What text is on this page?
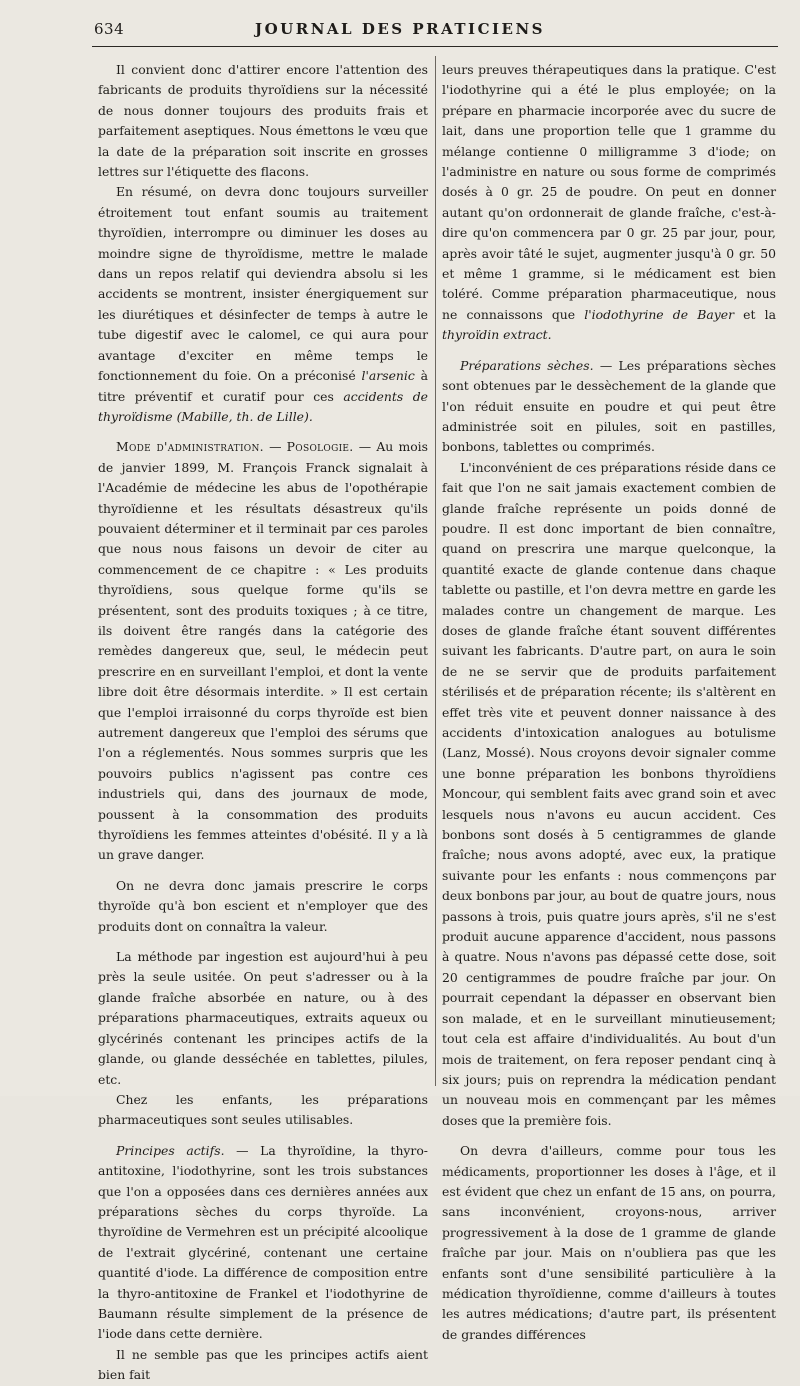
634	JOURNAL DES PRATICIENS

Il convient donc d'attirer encore l'attention des fabricants de produits thyroïdiens sur la nécessité de nous donner toujours des produits frais et parfaitement aseptiques. Nous émettons le vœu que la date de la préparation soit inscrite en grosses lettres sur l'étiquette des flacons.

En résumé, on devra donc toujours surveiller étroitement tout enfant soumis au traitement thyroïdien, interrompre ou diminuer les doses au moindre signe de thyroïdisme, mettre le malade dans un repos relatif qui deviendra absolu si les accidents se montrent, insister énergiquement sur les diurétiques et désinfecter de temps à autre le tube digestif avec le calomel, ce qui aura pour avantage d'exciter en même temps le fonctionnement du foie. On a préconisé l'arsenic à titre préventif et curatif pour ces accidents de thyroïdisme (Mabille, th. de Lille).

Mode d'administration. — Posologie. — Au mois de janvier 1899, M. François Franck signalait à l'Académie de médecine les abus de l'opothérapie thyroïdienne et les résultats désastreux qu'ils pouvaient déterminer et il terminait par ces paroles que nous nous faisons un devoir de citer au commencement de ce chapitre : « Les produits thyroïdiens, sous quelque forme qu'ils se présentent, sont des produits toxiques ; à ce titre, ils doivent être rangés dans la catégorie des remèdes dangereux que, seul, le médecin peut prescrire en en surveillant l'emploi, et dont la vente libre doit être désormais interdite. » Il est certain que l'emploi irraisonné du corps thyroïde est bien autrement dangereux que l'emploi des sérums que l'on a réglementés. Nous sommes surpris que les pouvoirs publics n'agissent pas contre ces industriels qui, dans des journaux de mode, poussent à la consommation des produits thyroïdiens les femmes atteintes d'obésité. Il y a là un grave danger.

On ne devra donc jamais prescrire le corps thyroïde qu'à bon escient et n'employer que des produits dont on connaîtra la valeur.

La méthode par ingestion est aujourd'hui à peu près la seule usitée. On peut s'adresser ou à la glande fraîche absorbée en nature, ou à des préparations pharmaceutiques, extraits aqueux ou glycérinés contenant les principes actifs de la glande, ou glande desséchée en tablettes, pilules, etc.

Chez les enfants, les préparations pharmaceutiques sont seules utilisables.

Principes actifs. — La thyroïdine, la thyro-antitoxine, l'iodothyrine, sont les trois substances que l'on a opposées dans ces dernières années aux préparations sèches du corps thyroïde. La thyroïdine de Vermehren est un précipité alcoolique de l'extrait glycériné, contenant une certaine quantité d'iode. La différence de composition entre la thyro-antitoxine de Frankel et l'iodothyrine de Baumann résulte simplement de la présence de l'iode dans cette dernière.

Il ne semble pas que les principes actifs aient bien fait

leurs preuves thérapeutiques dans la pratique. C'est l'iodothyrine qui a été le plus employée; on la prépare en pharmacie incorporée avec du sucre de lait, dans une proportion telle que 1 gramme du mélange contienne 0 milligramme 3 d'iode; on l'administre en nature ou sous forme de comprimés dosés à 0 gr. 25 de poudre. On peut en donner autant qu'on ordonnerait de glande fraîche, c'est-à-dire qu'on commencera par 0 gr. 25 par jour, pour, après avoir tâté le sujet, augmenter jusqu'à 0 gr. 50 et même 1 gramme, si le médicament est bien toléré. Comme préparation pharmaceutique, nous ne connaissons que l'iodothyrine de Bayer et la thyroïdin extract.

Préparations sèches. — Les préparations sèches sont obtenues par le dessèchement de la glande que l'on réduit ensuite en poudre et qui peut être administrée soit en pilules, soit en pastilles, bonbons, tablettes ou comprimés.

L'inconvénient de ces préparations réside dans ce fait que l'on ne sait jamais exactement combien de glande fraîche représente un poids donné de poudre. Il est donc important de bien connaître, quand on prescrira une marque quelconque, la quantité exacte de glande contenue dans chaque tablette ou pastille, et l'on devra mettre en garde les malades contre un changement de marque. Les doses de glande fraîche étant souvent différentes suivant les fabricants. D'autre part, on aura le soin de ne se servir que de produits parfaitement stérilisés et de préparation récente; ils s'altèrent en effet très vite et peuvent donner naissance à des accidents d'intoxication analogues au botulisme (Lanz, Mossé). Nous croyons devoir signaler comme une bonne préparation les bonbons thyroïdiens Moncour, qui semblent faits avec grand soin et avec lesquels nous n'avons eu aucun accident. Ces bonbons sont dosés à 5 centigrammes de glande fraîche; nous avons adopté, avec eux, la pratique suivante pour les enfants : nous commençons par deux bonbons par jour, au bout de quatre jours, nous passons à trois, puis quatre jours après, s'il ne s'est produit aucune apparence d'accident, nous passons à quatre. Nous n'avons pas dépassé cette dose, soit 20 centigrammes de poudre fraîche par jour. On pourrait cependant la dépasser en observant bien son malade, et en le surveillant minutieusement; tout cela est affaire d'individualités. Au bout d'un mois de traitement, on fera reposer pendant cinq à six jours; puis on reprendra la médication pendant un nouveau mois en commençant par les mêmes doses que la première fois.

On devra d'ailleurs, comme pour tous les médicaments, proportionner les doses à l'âge, et il est évident que chez un enfant de 15 ans, on pourra, sans inconvénient, croyons-nous, arriver progressivement à la dose de 1 gramme de glande fraîche par jour. Mais on n'oubliera pas que les enfants sont d'une sensibilité particulière à la médication thyroïdienne, comme d'ailleurs à toutes les autres médications; d'autre part, ils présentent de grandes différences
